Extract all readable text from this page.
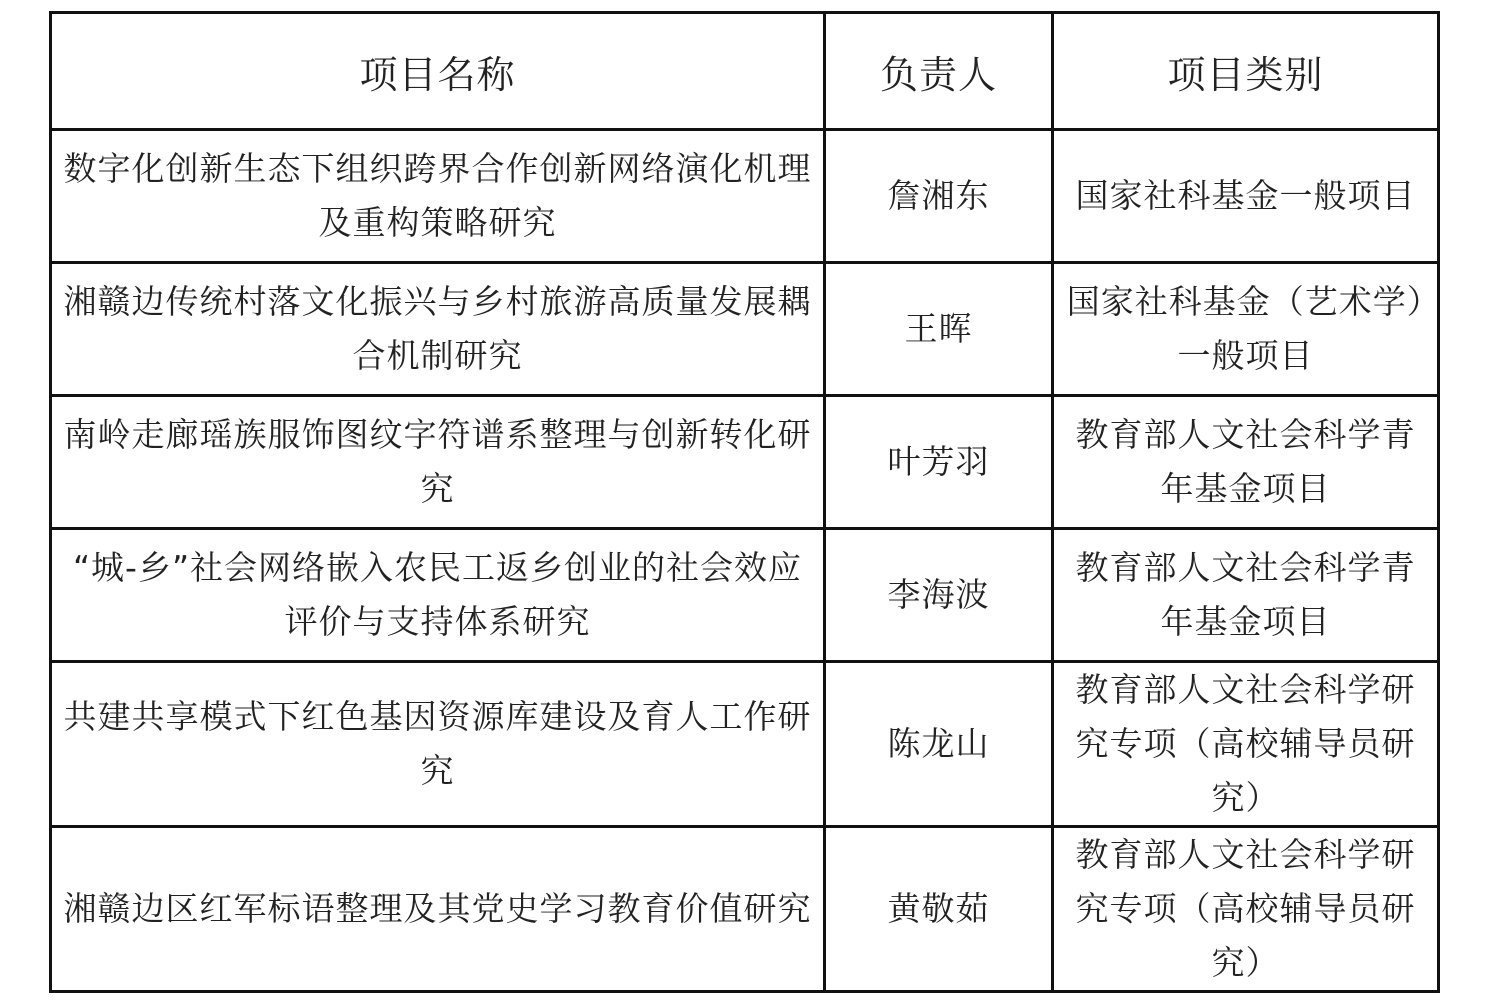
项目名称	负责人	项目类别
数字化创新生态下组织跨界合作创新网络演化机理及重构策略研究	詹湘东	国家社科基金一般项目
湘赣边传统村落文化振兴与乡村旅游高质量发展耦合机制研究	王晖	国家社科基金（艺术学）一般项目
南岭走廊瑶族服饰图纹字符谱系整理与创新转化研究	叶芳羽	教育部人文社会科学青年基金项目
“城-乡”社会网络嵌入农民工返乡创业的社会效应评价与支持体系研究	李海波	教育部人文社会科学青年基金项目
共建共享模式下红色基因资源库建设及育人工作研究	陈龙山	教育部人文社会科学研究专项（高校辅导员研究）
湘赣边区红军标语整理及其党史学习教育价值研究	黄敬茹	教育部人文社会科学研究专项（高校辅导员研究）
